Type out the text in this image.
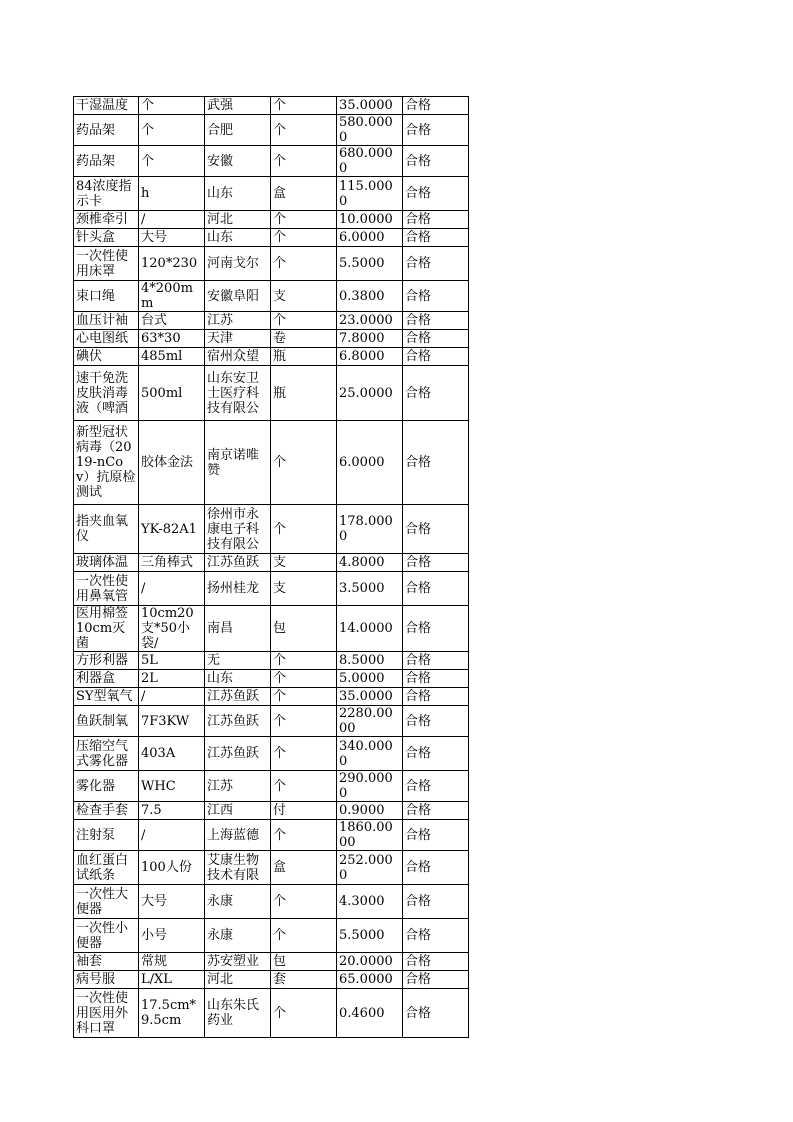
干湿温度	个	武强	个	35.0000	合格
药品架	个	合肥	个	580.0000	合格
药品架	个	安徽	个	680.0000	合格
84浓度指示卡	h	山东	盒	115.0000	合格
颈椎牵引	/	河北	个	10.0000	合格
针头盒	大号	山东	个	6.0000	合格
一次性使用床罩	120*230	河南戈尔	个	5.5000	合格
束口绳	4*200mm	安徽阜阳	支	0.3800	合格
血压计袖	台式	江苏	个	23.0000	合格
心电图纸	63*30	天津	卷	7.8000	合格
碘伏	485ml	宿州众望	瓶	6.8000	合格
速干免洗皮肤消毒液（啤酒	500ml	山东安卫士医疗科技有限公	瓶	25.0000	合格
新型冠状病毒（2019-nCov）抗原检测试	胶体金法	南京诺唯赞	个	6.0000	合格
指夹血氧仪	YK-82A1	徐州市永康电子科技有限公	个	178.0000	合格
玻璃体温	三角棒式	江苏鱼跃	支	4.8000	合格
一次性使用鼻氧管	/	扬州桂龙	支	3.5000	合格
医用棉签10cm灭菌	10cm20支*50小袋/	南昌	包	14.0000	合格
方形利器	5L	无	个	8.5000	合格
利器盒	2L	山东	个	5.0000	合格
SY型氧气	/	江苏鱼跃	个	35.0000	合格
鱼跃制氧	7F3KW	江苏鱼跃	个	2280.0000	合格
压缩空气式雾化器	403A	江苏鱼跃	个	340.0000	合格
雾化器	WHC	江苏	个	290.0000	合格
检查手套	7.5	江西	付	0.9000	合格
注射泵	/	上海蓝德	个	1860.0000	合格
血红蛋白试纸条	100人份	艾康生物技术有限	盒	252.0000	合格
一次性大便器	大号	永康	个	4.3000	合格
一次性小便器	小号	永康	个	5.5000	合格
袖套	常规	苏安塑业	包	20.0000	合格
病号服	L/XL	河北	套	65.0000	合格
一次性使用医用外科口罩	17.5cm*9.5cm	山东朱氏药业	个	0.4600	合格
